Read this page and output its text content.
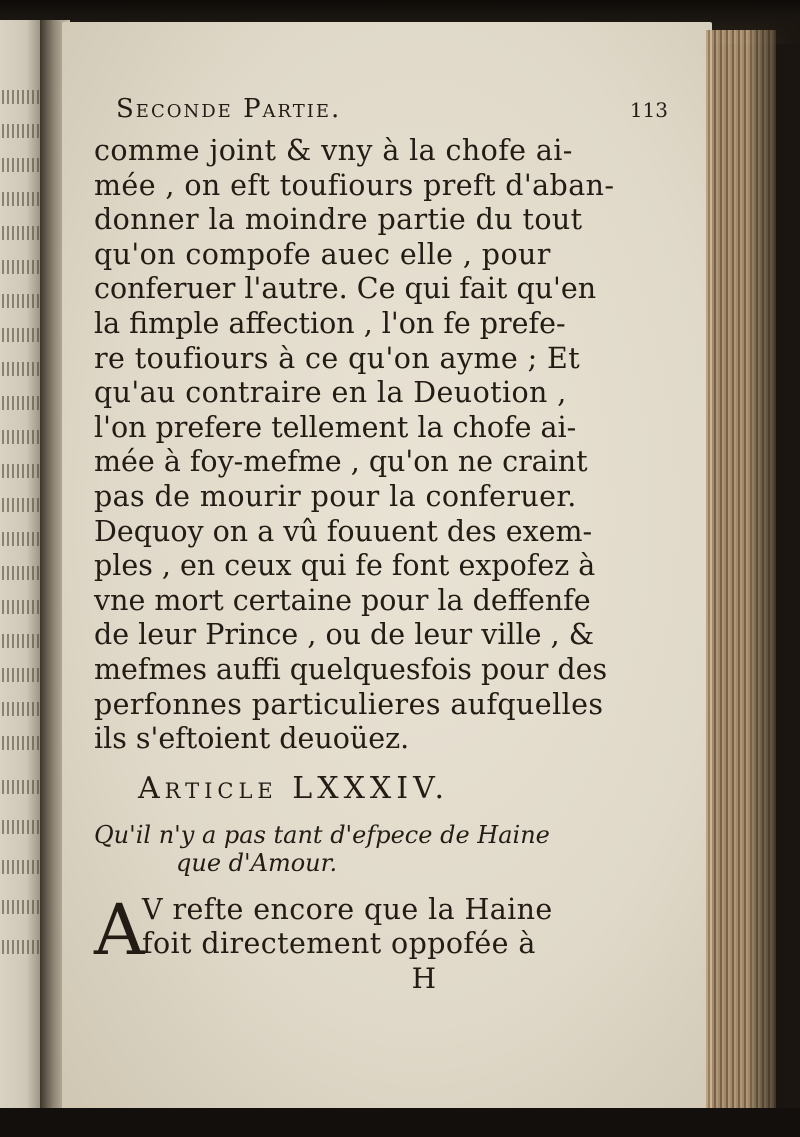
Seconde Partie.	113
comme joint & vny à la chofe ai-
mée , on eft toufiours preft d'aban-
donner la moindre partie du tout
qu'on compofe auec elle , pour
conferuer l'autre. Ce qui fait qu'en
la fimple affection , l'on fe prefe-
re toufiours à ce qu'on ayme ; Et
qu'au contraire en la Deuotion ,
l'on prefere tellement la chofe ai-
mée à foy-mefme , qu'on ne craint
pas de mourir pour la conferuer.
Dequoy on a vû fouuent des exem-
ples , en ceux qui fe font expofez à
vne mort certaine pour la deffenfe
de leur Prince , ou de leur ville , &
mefmes auffi quelquesfois pour des
perfonnes particulieres aufquelles
ils s'eftoient deuoüez.
Article LXXXIV.
Qu'il n'y a pas tant d'efpece de Haine
que d'Amour.
A
V refte encore que la Haine
foit directement oppofée à
H
